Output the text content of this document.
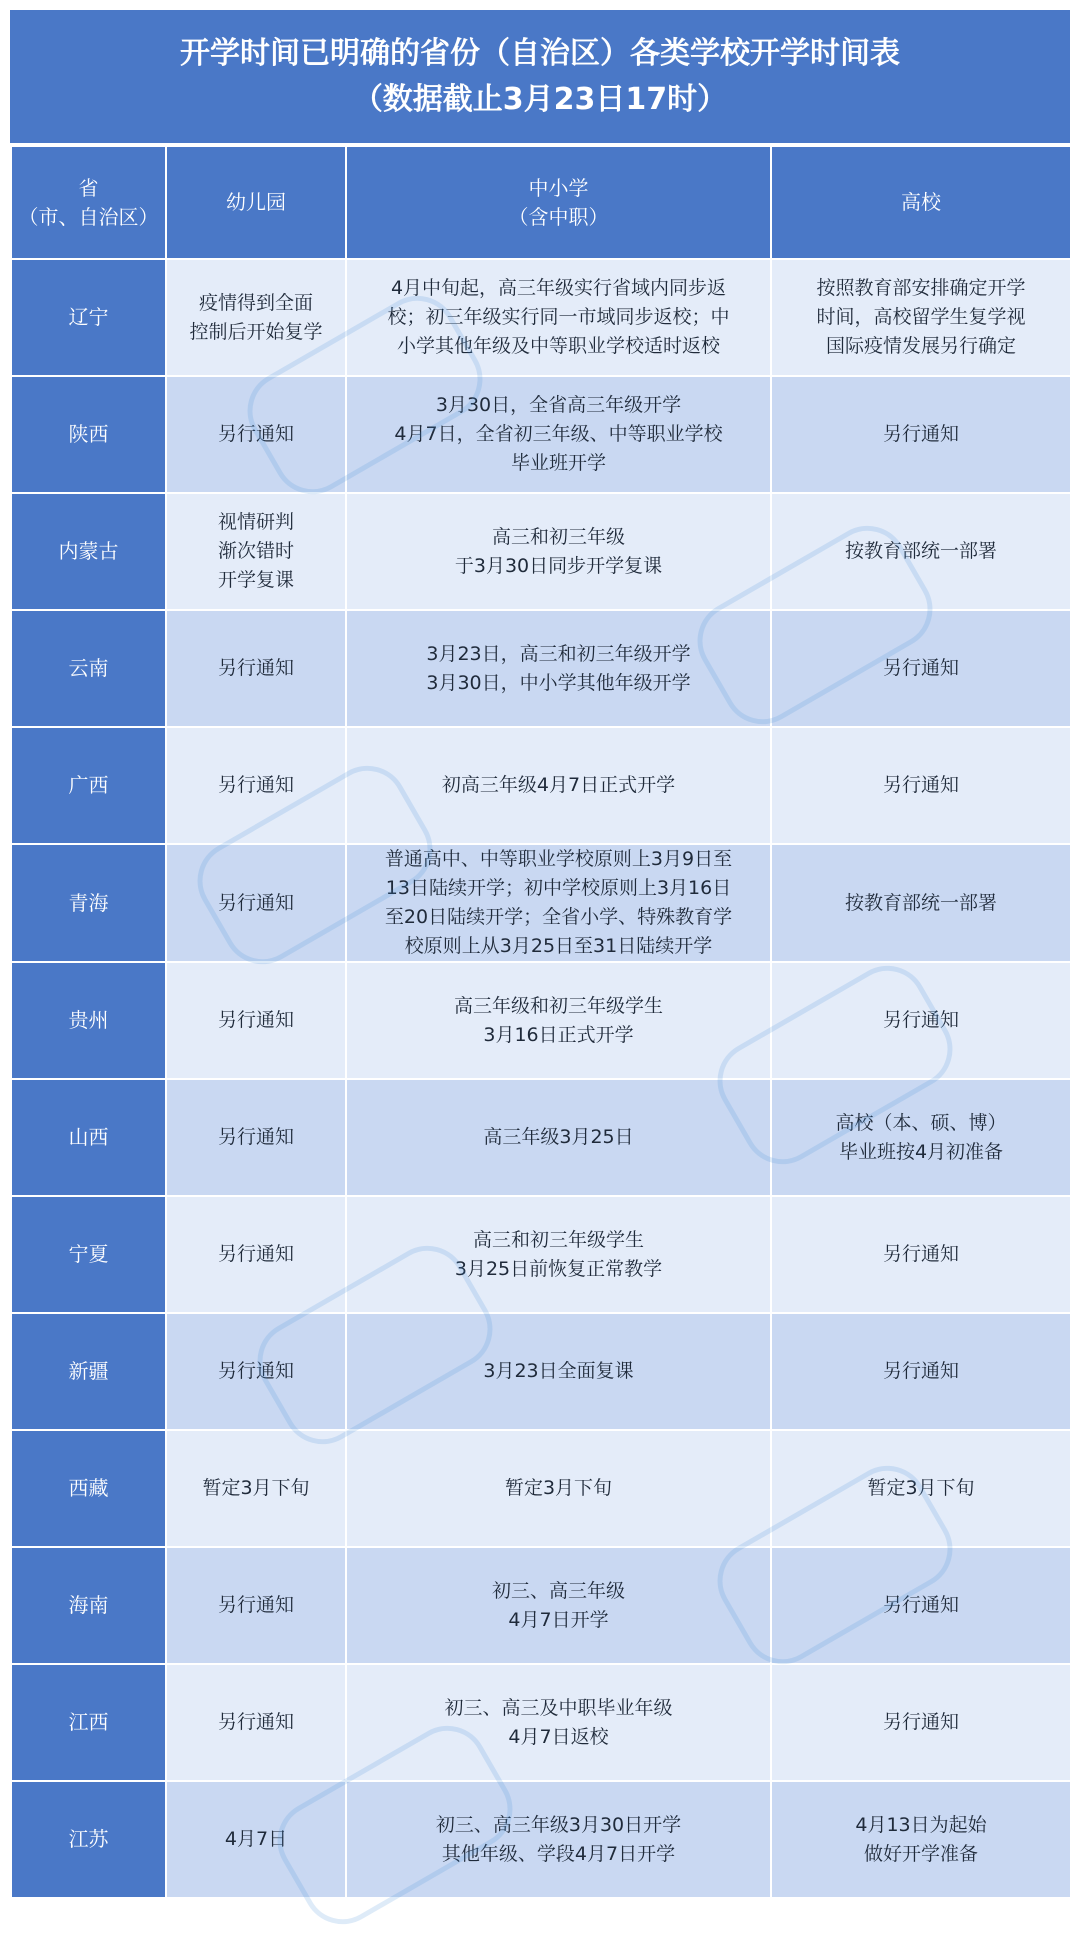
开学时间已明确的省份（自治区）各类学校开学时间表
（数据截止3月23日17时）
省
（市、自治区）	幼儿园	中小学
（含中职）	高校

辽宁	疫情得到全面
控制后开始复学	4月中旬起，高三年级实行省域内同步返
校；初三年级实行同一市域同步返校；中
小学其他年级及中等职业学校适时返校	按照教育部安排确定开学
时间，高校留学生复学视
国际疫情发展另行确定

陕西	另行通知	3月30日，全省高三年级开学
4月7日，全省初三年级、中等职业学校
毕业班开学	另行通知

内蒙古	视情研判
渐次错时
开学复课	高三和初三年级
于3月30日同步开学复课	按教育部统一部署

云南	另行通知	3月23日，高三和初三年级开学
3月30日，中小学其他年级开学	另行通知

广西	另行通知	初高三年级4月7日正式开学	另行通知

青海	另行通知	普通高中、中等职业学校原则上3月9日至
13日陆续开学；初中学校原则上3月16日
至20日陆续开学；全省小学、特殊教育学
校原则上从3月25日至31日陆续开学	按教育部统一部署

贵州	另行通知	高三年级和初三年级学生
3月16日正式开学	另行通知

山西	另行通知	高三年级3月25日	高校（本、硕、博）
毕业班按4月初准备

宁夏	另行通知	高三和初三年级学生
3月25日前恢复正常教学	另行通知

新疆	另行通知	3月23日全面复课	另行通知

西藏	暂定3月下旬	暂定3月下旬	暂定3月下旬

海南	另行通知	初三、高三年级
4月7日开学	另行通知

江西	另行通知	初三、高三及中职毕业年级
4月7日返校	另行通知

江苏	4月7日	初三、高三年级3月30日开学
其他年级、学段4月7日开学	4月13日为起始
做好开学准备
